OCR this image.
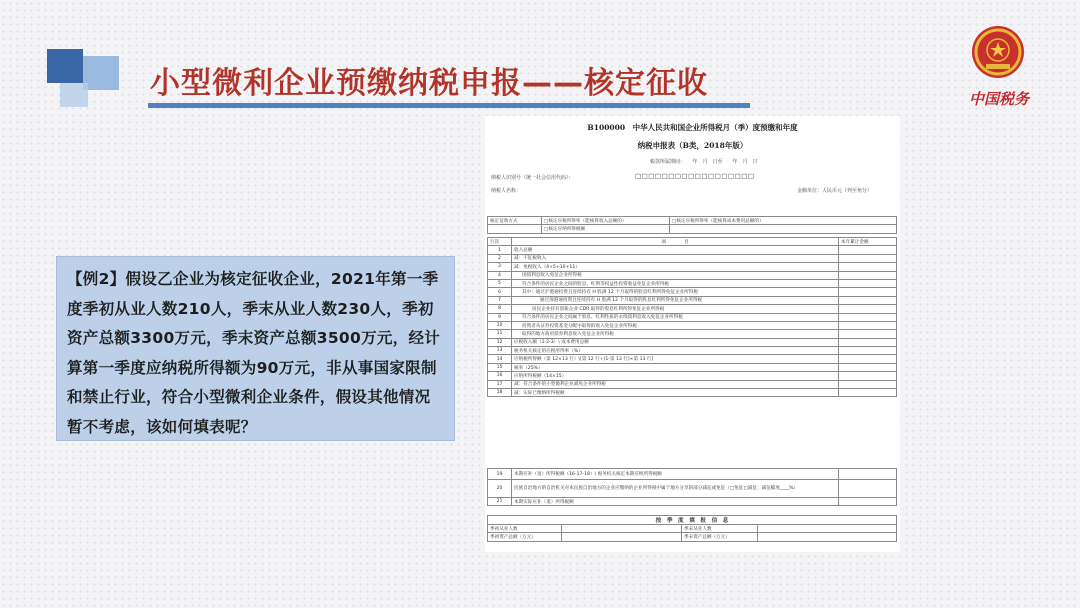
小型微利企业预缴纳税申报——核定征收	中国税务
【例2】假设乙企业为核定征收企业，2021年第一季度季初从业人数210人，季末从业人数230人，季初资产总额3300万元，季末资产总额3500万元，经计算第一季度应纳税所得额为90万元，非从事国家限制和禁止行业，符合小型微利企业条件，假设其他情况暂不考虑，该如何填表呢？
B100000　中华人民共和国企业所得税月（季）度预缴和年度
纳税申报表（B类，2018年版）
税款所属期间：　　年　月　日至　　年　月　日
纳税人识别号（统一社会信用代码）：	□□□□□□□□□□□□□□□□□□
纳税人名称：	金额单位：人民币元（列至角分）
核定征收方式	□核定应税所得率（能核算收入总额的）	□核定应税所得率（能核算成本费用总额的）
	□核定应纳所得税额	
行次	项　　　　目	本年累计金额
1	收入总额	
2	减：不征税收入	
3	减：免税收入（4+5+10+11）	
4	国债利息收入免征企业所得税	
5	符合条件的居民企业之间的股息、红利等权益性投资收益免征企业所得税	
6	其中：通过沪港通投资且连续持有 H 股满 12 个月取得的股息红利所得免征企业所得税	
7	通过深港通投资且连续持有 H 股满 12 个月取得的股息红利所得免征企业所得税	
8	居民企业持有创新企业 CDR 取得的股息红利所得免征企业所得税	
9	符合条件的居民企业之间属于股息、红利性质的永续债利息收入免征企业所得税	
10	投资者从证券投资基金分配中取得的收入免征企业所得税	
11	取得的地方政府债券利息收入免征企业所得税	
12	应税收入额（1-2-3）\ 成本费用总额	
13	税务机关核定的应税所得率（%）	
14	应纳税所得额（第 12×13 行）\[第 12 行÷(1-第 13 行)×第 13 行]	
15	税率（25%）	
16	应纳所得税额（14×15）	
17	减：符合条件的小型微利企业减免企业所得税	
18	减：实际已缴纳所得税额	
19	本期应补（退）所得税额（16-17-18）\ 税务机关核定本期应纳所得税额	
20	民族自治地方的自治机关对本民族自治地方的企业应缴纳的企业所得税中属于地方分享的部分减征或免征（□免征□减征：减征幅度____%）	
21	本期实际应补（退）所得税额	
按　季　度　填　报　信　息			
季初从业人数		季末从业人数	
季初资产总额（万元）		季末资产总额（万元）	
